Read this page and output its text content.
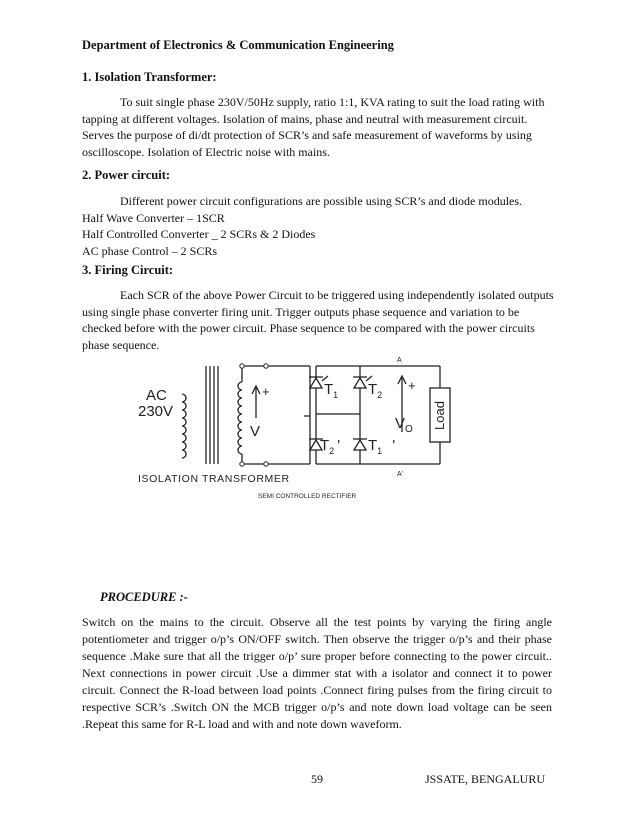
Department of Electronics & Communication Engineering
1. Isolation Transformer:
To suit single phase 230V/50Hz supply, ratio 1:1, KVA rating to suit the load rating with
tapping at different voltages. Isolation of mains, phase and neutral with measurement circuit.
Serves the purpose of di/dt protection of SCR’s and safe measurement of waveforms by using
oscilloscope. Isolation of Electric noise with mains.
2. Power circuit:
Different power circuit configurations are possible using SCR’s and diode modules.
Half Wave Converter – 1SCR
Half Controlled Converter _ 2 SCRs & 2 Diodes
AC phase Control – 2 SCRs
3. Firing Circuit:
Each SCR of the above Power Circuit to be triggered using independently isolated outputs
using single phase converter firing unit. Trigger outputs phase sequence and variation to be
checked before with the power circuit. Phase sequence to be compared with the power circuits
phase sequence.
AC
230V
V
+	+
$T_1$ $T_2$
$T_2$ ' $T_1$ '
$V_O$ Load
A
A'
ISOLATION TRANSFORMER
SEMI CONTROLLED RECTIFIER
PROCEDURE :-
Switch on the mains to the circuit. Observe all the test points by varying the firing angle potentiometer and trigger o/p’s ON/OFF switch. Then observe the trigger o/p’s and their phase sequence .Make sure that all the trigger o/p’ sure proper before connecting to the power circuit.. Next connections in power circuit .Use a dimmer stat with a isolator and connect it to power circuit. Connect the R-load between load points .Connect firing pulses from the firing circuit to respective SCR’s .Switch ON the MCB trigger o/p’s and note down load voltage can be seen .Repeat this same for R-L load and with and note down waveform.
59	JSSATE, BENGALURU
